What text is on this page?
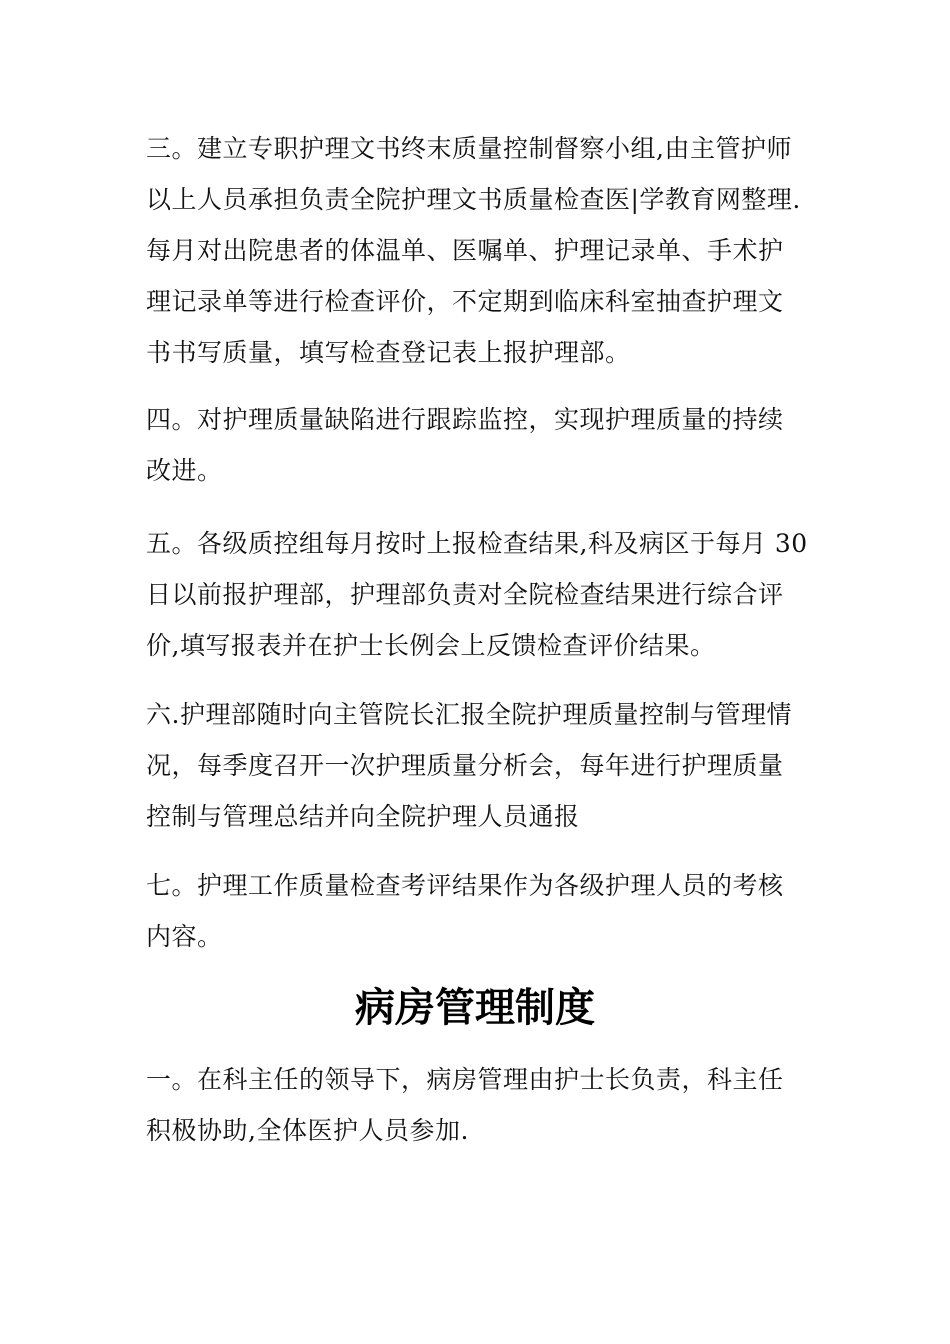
三。建立专职护理文书终末质量控制督察小组,由主管护师
以上人员承担负责全院护理文书质量检查医|学教育网整理.
每月对出院患者的体温单、医嘱单、护理记录单、手术护
理记录单等进行检查评价，不定期到临床科室抽查护理文
书书写质量，填写检查登记表上报护理部。

四。对护理质量缺陷进行跟踪监控，实现护理质量的持续
改进。

五。各级质控组每月按时上报检查结果,科及病区于每月 30
日以前报护理部，护理部负责对全院检查结果进行综合评
价,填写报表并在护士长例会上反馈检查评价结果。

六.护理部随时向主管院长汇报全院护理质量控制与管理情
况，每季度召开一次护理质量分析会，每年进行护理质量
控制与管理总结并向全院护理人员通报

七。护理工作质量检查考评结果作为各级护理人员的考核
内容。

病房管理制度

一。在科主任的领导下，病房管理由护士长负责，科主任
积极协助,全体医护人员参加.
